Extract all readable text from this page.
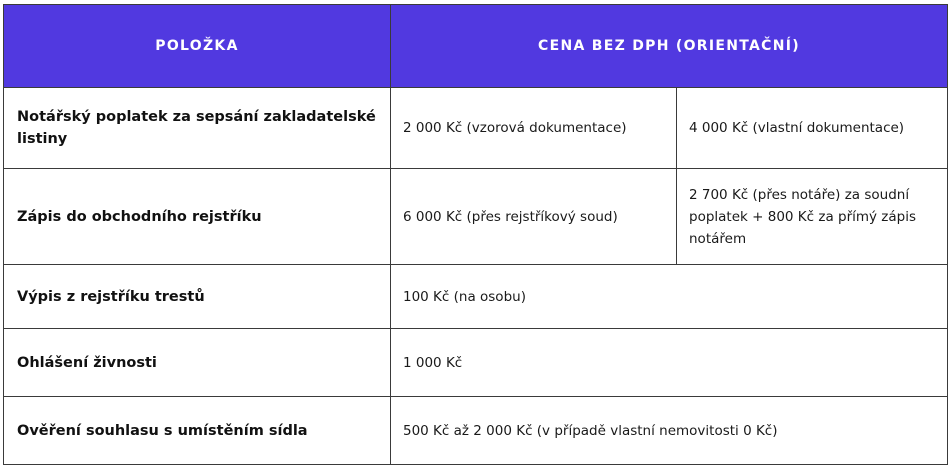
POLOŽKA	CENA BEZ DPH (ORIENTAČNÍ)	
Notářský poplatek za sepsání zakladatelské listiny	2 000 Kč (vzorová dokumentace)	4 000 Kč (vlastní dokumentace)
Zápis do obchodního rejstříku	6 000 Kč (přes rejstříkový soud)	2 700 Kč (přes notáře) za soudní poplatek + 800 Kč za přímý zápis notářem
Výpis z rejstříku trestů	100 Kč (na osobu)	
Ohlášení živnosti	1 000 Kč	
Ověření souhlasu s umístěním sídla	500 Kč až 2 000 Kč (v případě vlastní nemovitosti 0 Kč)	
